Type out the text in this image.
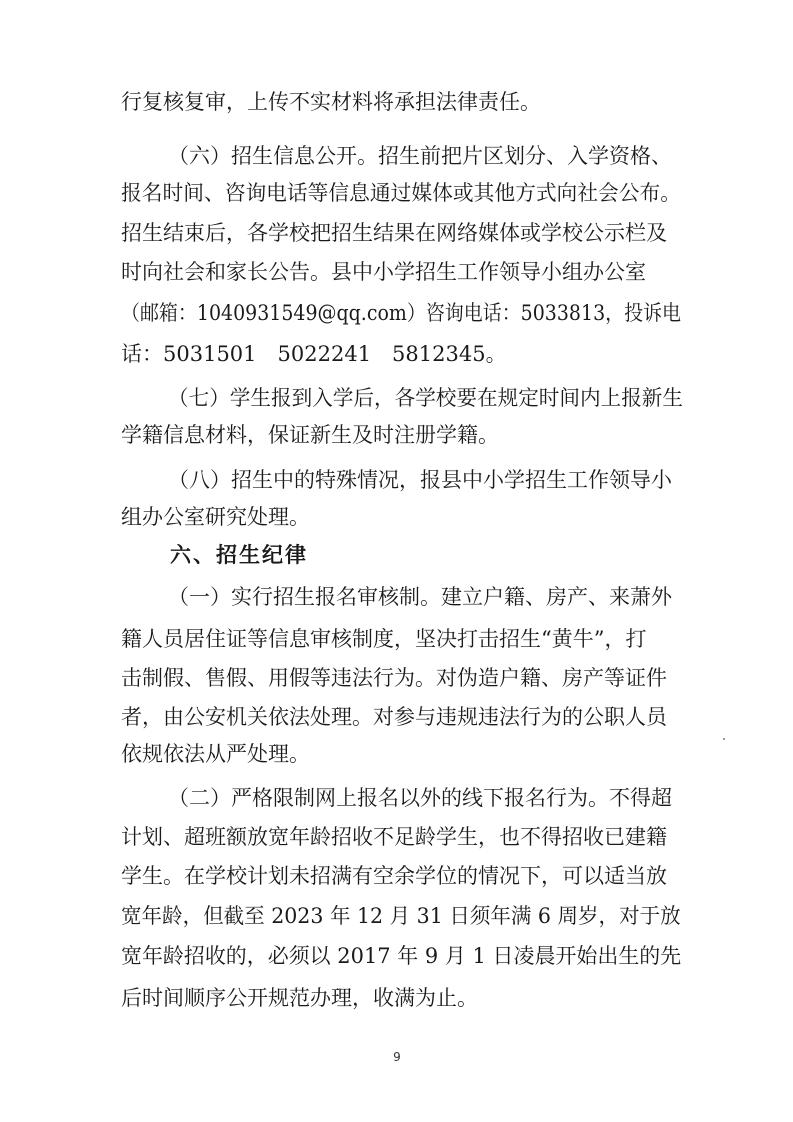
行复核复审，上传不实材料将承担法律责任。
（六）招生信息公开。招生前把片区划分、入学资格、
报名时间、咨询电话等信息通过媒体或其他方式向社会公布。
招生结束后，各学校把招生结果在网络媒体或学校公示栏及
时向社会和家长公告。县中小学招生工作领导小组办公室
（邮箱：1040931549@qq.com）咨询电话：5033813，投诉电
话：5031501　5022241　5812345。
（七）学生报到入学后，各学校要在规定时间内上报新生
学籍信息材料，保证新生及时注册学籍。
（八）招生中的特殊情况，报县中小学招生工作领导小
组办公室研究处理。
六、招生纪律
（一）实行招生报名审核制。建立户籍、房产、来萧外
籍人员居住证等信息审核制度，坚决打击招生“黄牛”，打
击制假、售假、用假等违法行为。对伪造户籍、房产等证件
者，由公安机关依法处理。对参与违规违法行为的公职人员
依规依法从严处理。
（二）严格限制网上报名以外的线下报名行为。不得超
计划、超班额放宽年龄招收不足龄学生，也不得招收已建籍
学生。在学校计划未招满有空余学位的情况下，可以适当放
宽年龄，但截至 2023 年 12 月 31 日须年满 6 周岁，对于放
宽年龄招收的，必须以 2017 年 9 月 1 日凌晨开始出生的先
后时间顺序公开规范办理，收满为止。
9
